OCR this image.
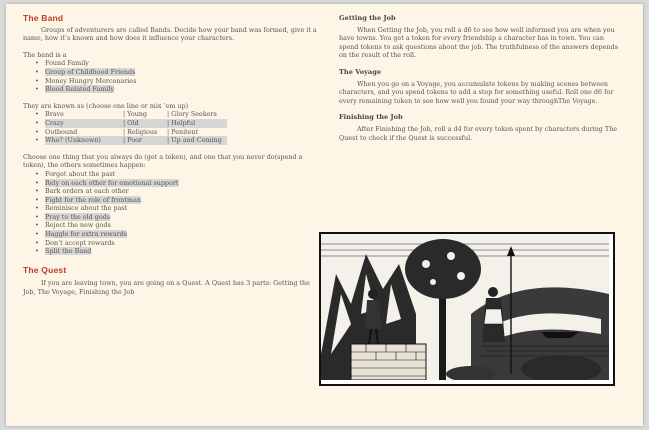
The Band

Groups of adventurers are called Bands. Decide how your band was formed, give it a name, how it’s known and how does it influence your characters.

The band is a

• Found Family
• Group of Childhood Friends
• Money Hungry Mercenaries
• Blood Related Family

They are known as (choose one line or mix ’em up)

• Brave	| Young	| Glory Seekers
• Crazy	| Old	| Helpful
• Outbound	| Religious	| Penitent
• Who? (Unknown)	| Poor	| Up and Coming

Choose one thing that you always do (get a token), and one that you never do(spend a token), the others sometimes happen:

• Forget about the past
• Rely on each other for emotional support
• Bark orders at each other
• Fight for the role of frontman
• Reminisce about the past
• Pray to the old gods
• Reject the new gods
• Haggle for extra rewards
• Don’t accept rewards
• Split the Band
The Quest

If you are leaving town, you are going on a Quest. A Quest has 3 parts: Getting the Job, The Voyage, Finishing the Job

Getting the Job

When Getting the Job, you roll a d6 to see how well informed you are when you have towns. You get a token for every friendship a character has in town. You can spend tokens to ask questions about the job. The truthfulness of the answers depends on the result of the roll.

The Voyage

When you go on a Voyage, you accumulate tokens by making scenes between characters, and you spend tokens to add a stop for something useful. Roll one d6 for every remaining token to see how well you found your way throughThe Voyage.

Finishing the Job

After Finishing the Job, roll a d4 for every token spent by characters during The Quest to check if the Quest is successful.
